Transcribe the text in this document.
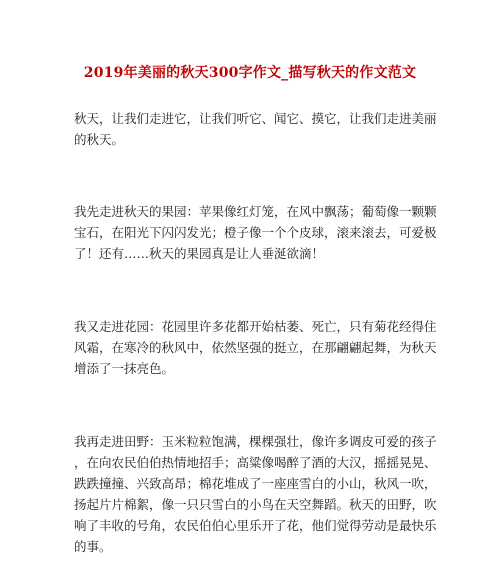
2019年美丽的秋天300字作文_描写秋天的作文范文

秋天，让我们走进它，让我们听它、闻它、摸它，让我们走进美丽
的秋天。

我先走进秋天的果园：苹果像红灯笼，在风中飘荡；葡萄像一颗颗
宝石，在阳光下闪闪发光；橙子像一个个皮球，滚来滚去，可爱极
了！还有……秋天的果园真是让人垂涎欲滴！

我又走进花园：花园里许多花都开始枯萎、死亡，只有菊花经得住
风霜，在寒冷的秋风中，依然坚强的挺立，在那翩翩起舞，为秋天
增添了一抹亮色。

我再走进田野：玉米粒粒饱满，棵棵强壮，像许多调皮可爱的孩子
，在向农民伯伯热情地招手；高粱像喝醉了酒的大汉，摇摇晃晃、
跌跌撞撞、兴致高昂；棉花堆成了一座座雪白的小山，秋风一吹，
扬起片片棉絮，像一只只雪白的小鸟在天空舞蹈。秋天的田野，吹
响了丰收的号角，农民伯伯心里乐开了花，他们觉得劳动是最快乐
的事。
